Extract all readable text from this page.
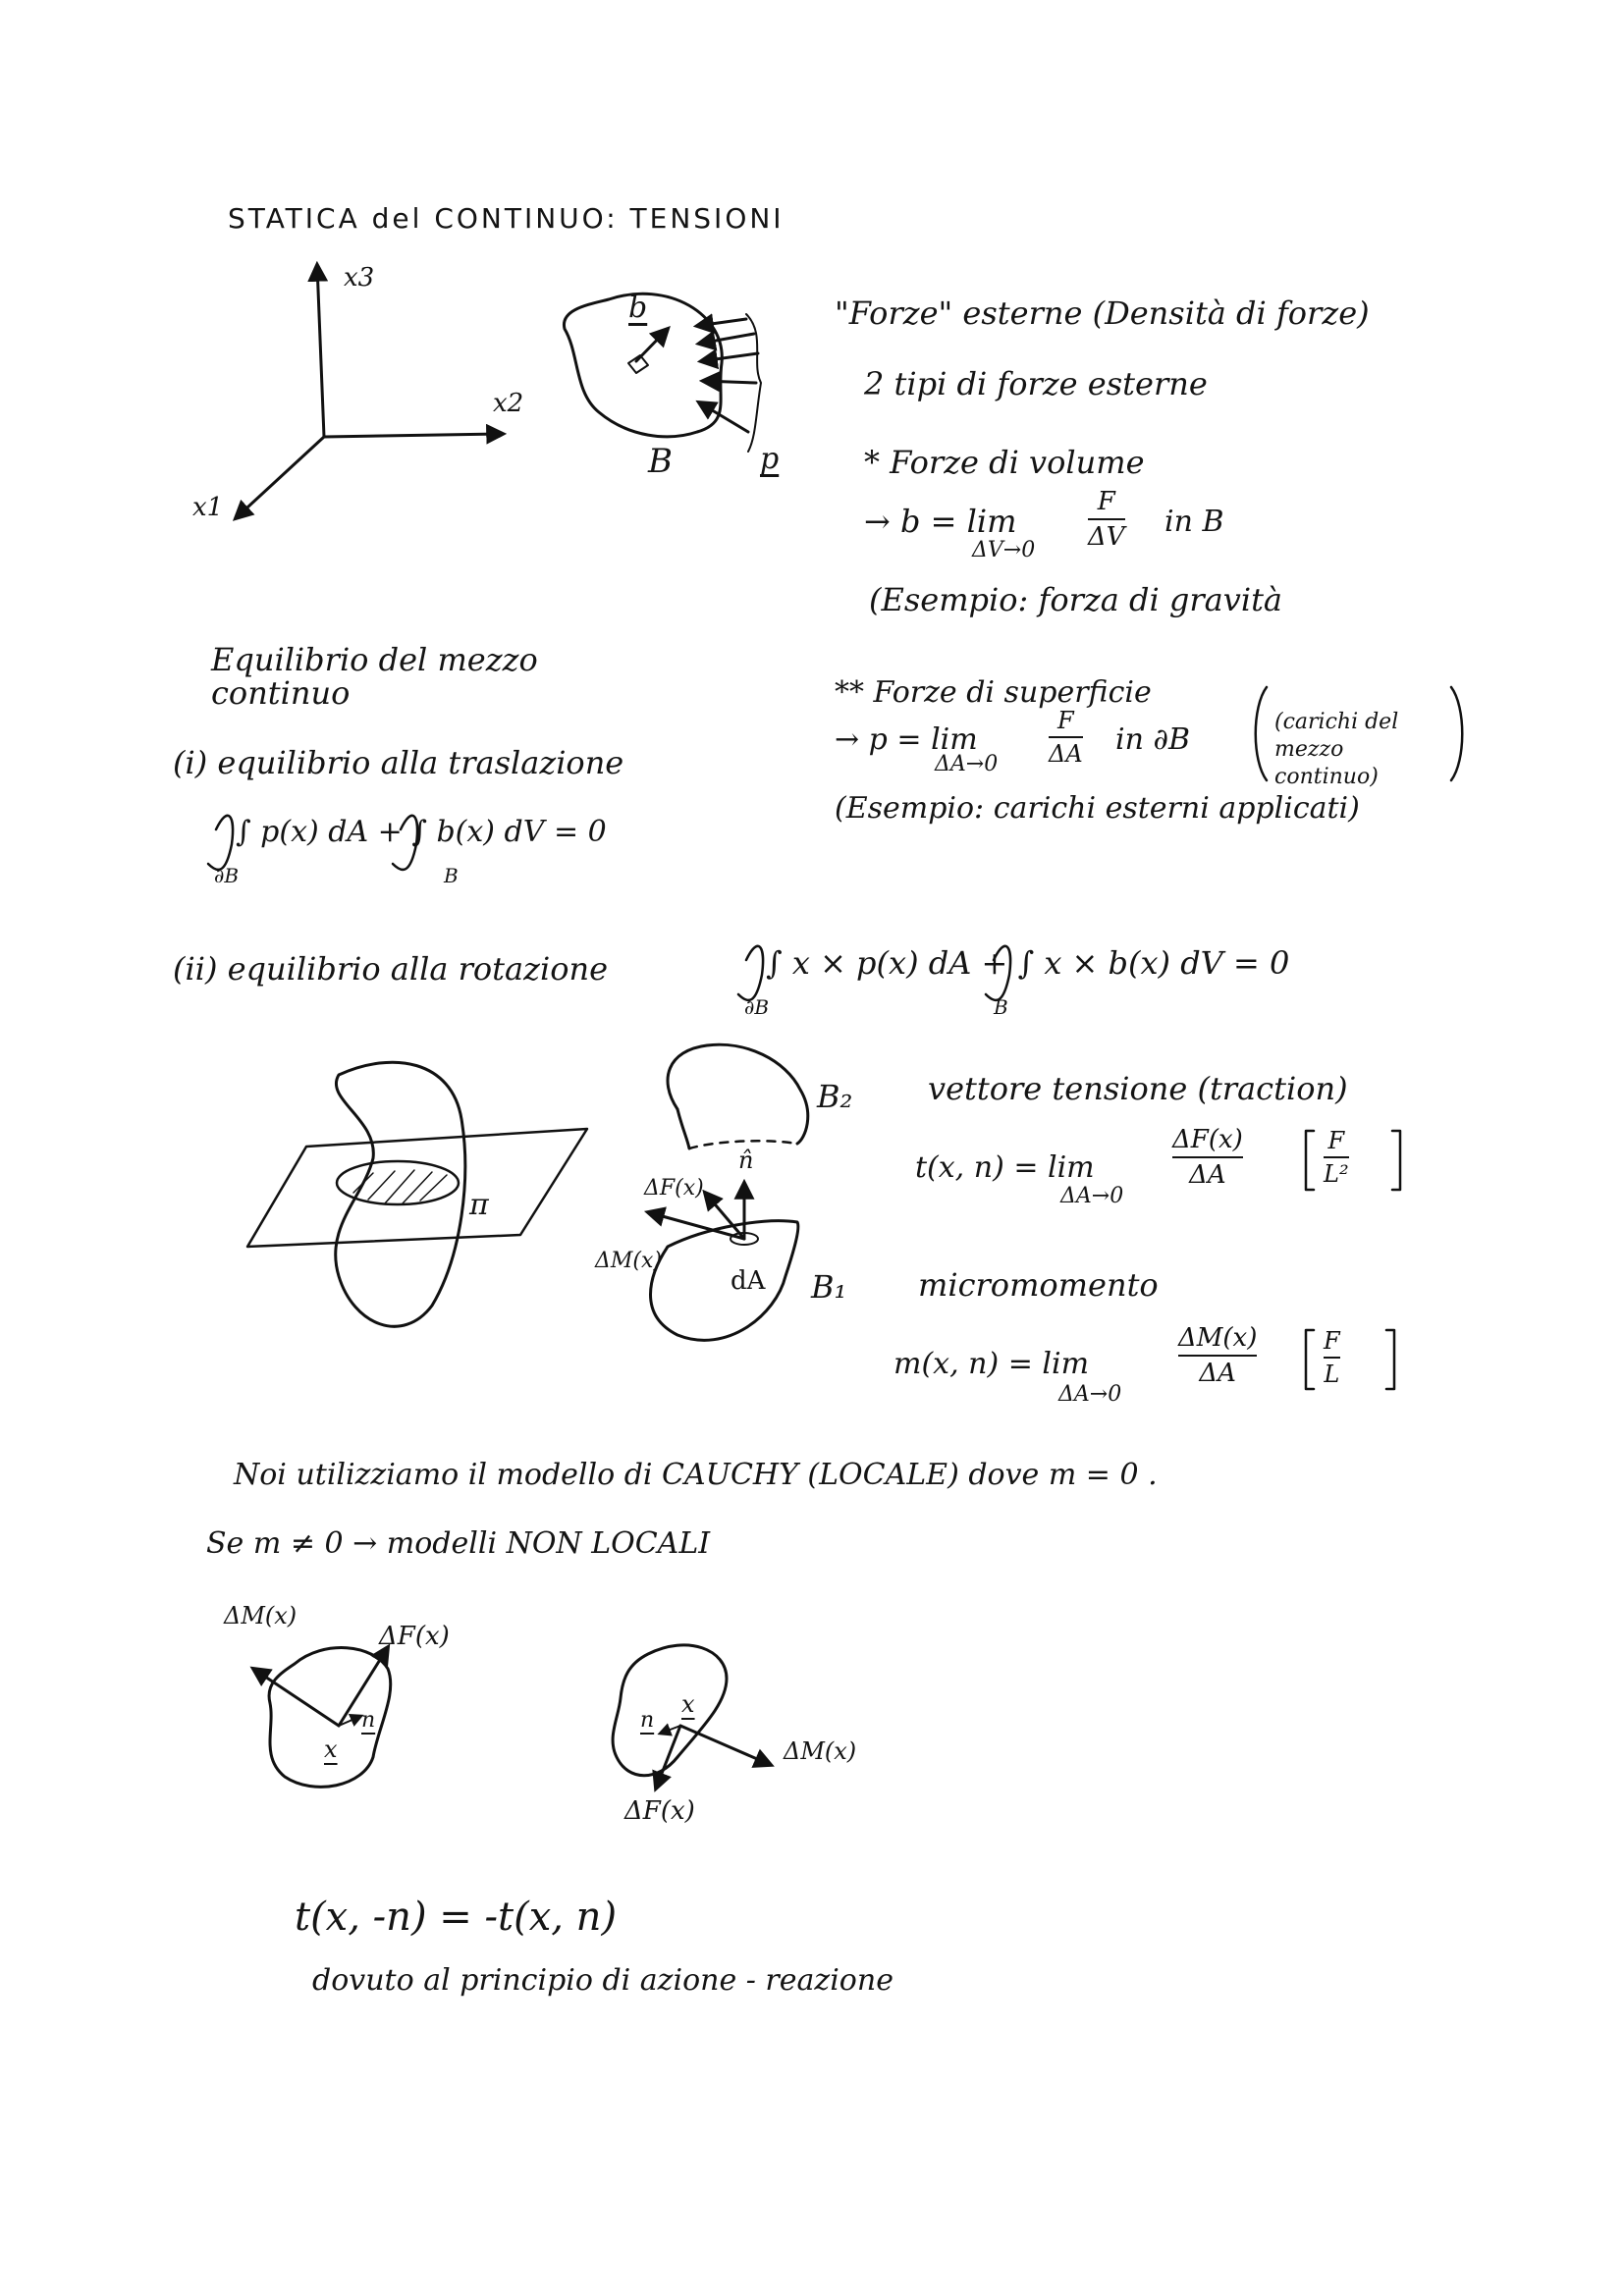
STATICA del CONTINUO: TENSIONI
x3
x2
x1
b
B	p
"Forze" esterne (Densità di forze)
2 tipi di forze esterne
* Forze di volume
→ b = lim
ΔV→0
F
ΔV in B
(Esempio: forza di gravità
** Forze di superficie
→ p = lim
ΔA→0
F
ΔA in ∂B
(carichi del mezzo continuo)
(Esempio: carichi esterni applicati)
Equilibrio del mezzo continuo
(i) equilibrio alla traslazione
∫ p(x) dA + ∫ b(x) dV = 0
∂B	B
(ii) equilibrio alla rotazione	∫ x × p(x) dA + ∫ x × b(x) dV = 0
∂B	B
π
B₂
B₁
ΔF(x)
ΔM(x)
n̂
dA
vettore tensione (traction)
t(x, n) = lim
ΔA→0
ΔF(x)
ΔA
F
L²
micromomento
m(x, n) = lim
ΔA→0
ΔM(x)
ΔA
F
L
Noi utilizziamo il modello di CAUCHY (LOCALE) dove m = 0 .
Se m ≠ 0 → modelli NON LOCALI
ΔM(x)
ΔF(x)
x
n	n
x
ΔM(x)
ΔF(x)
t(x, -n) = -t(x, n)
dovuto al principio di azione - reazione
